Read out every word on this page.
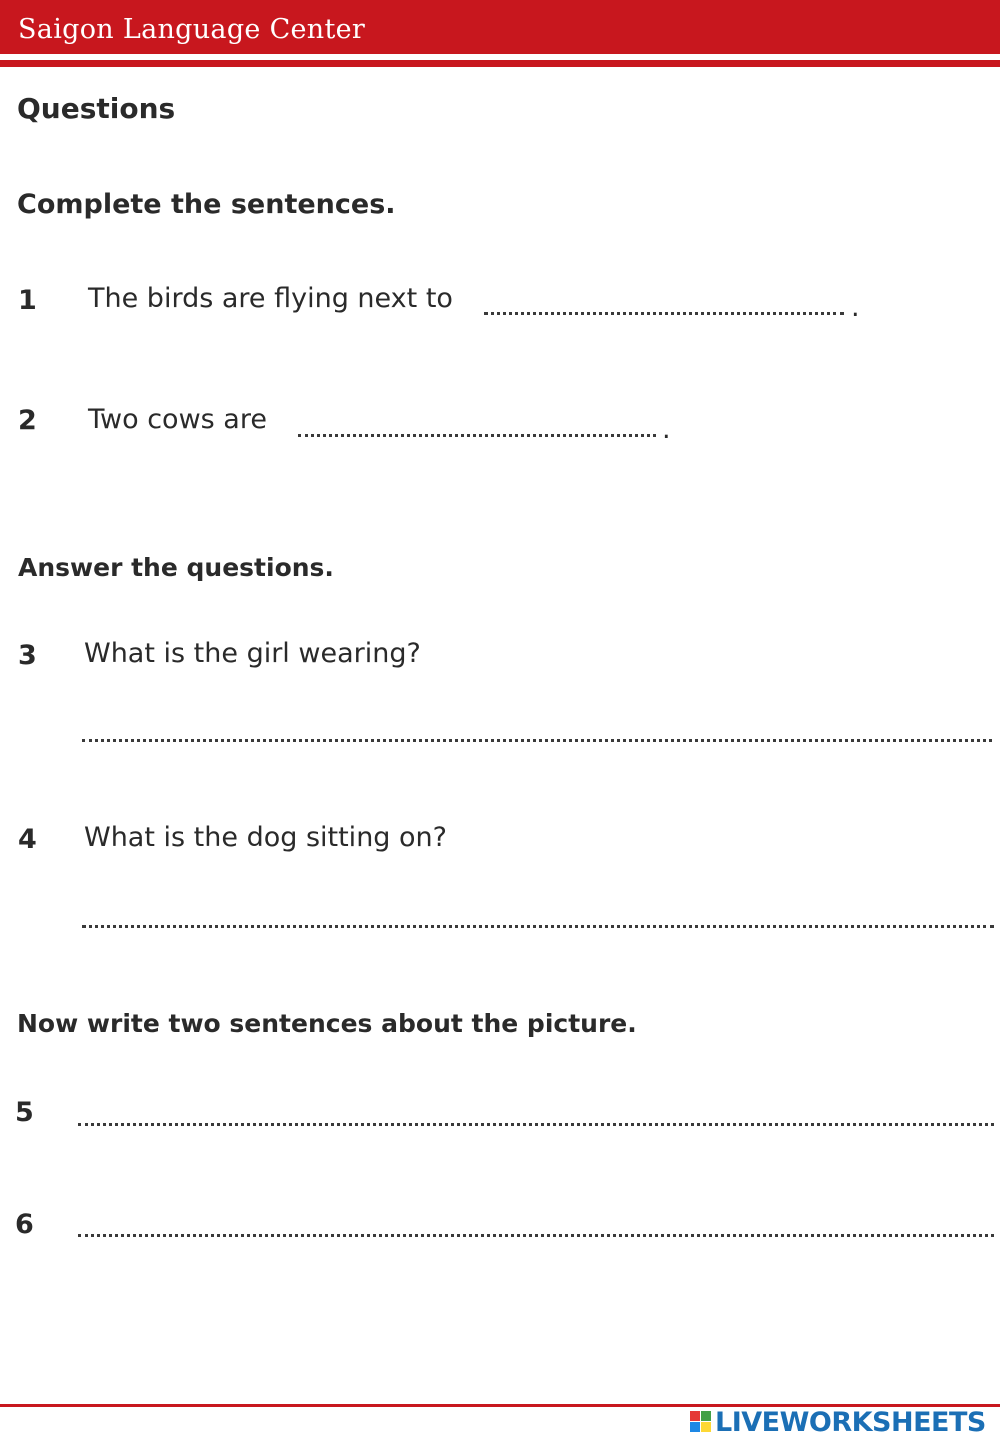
Saigon Language Center
Questions
Complete the sentences.
1 The birds are flying next to	.
2 Two cows are	.
Answer the questions.
3 What is the girl wearing?
4 What is the dog sitting on?
Now write two sentences about the picture.
5
6
LIVEWORKSHEETS
